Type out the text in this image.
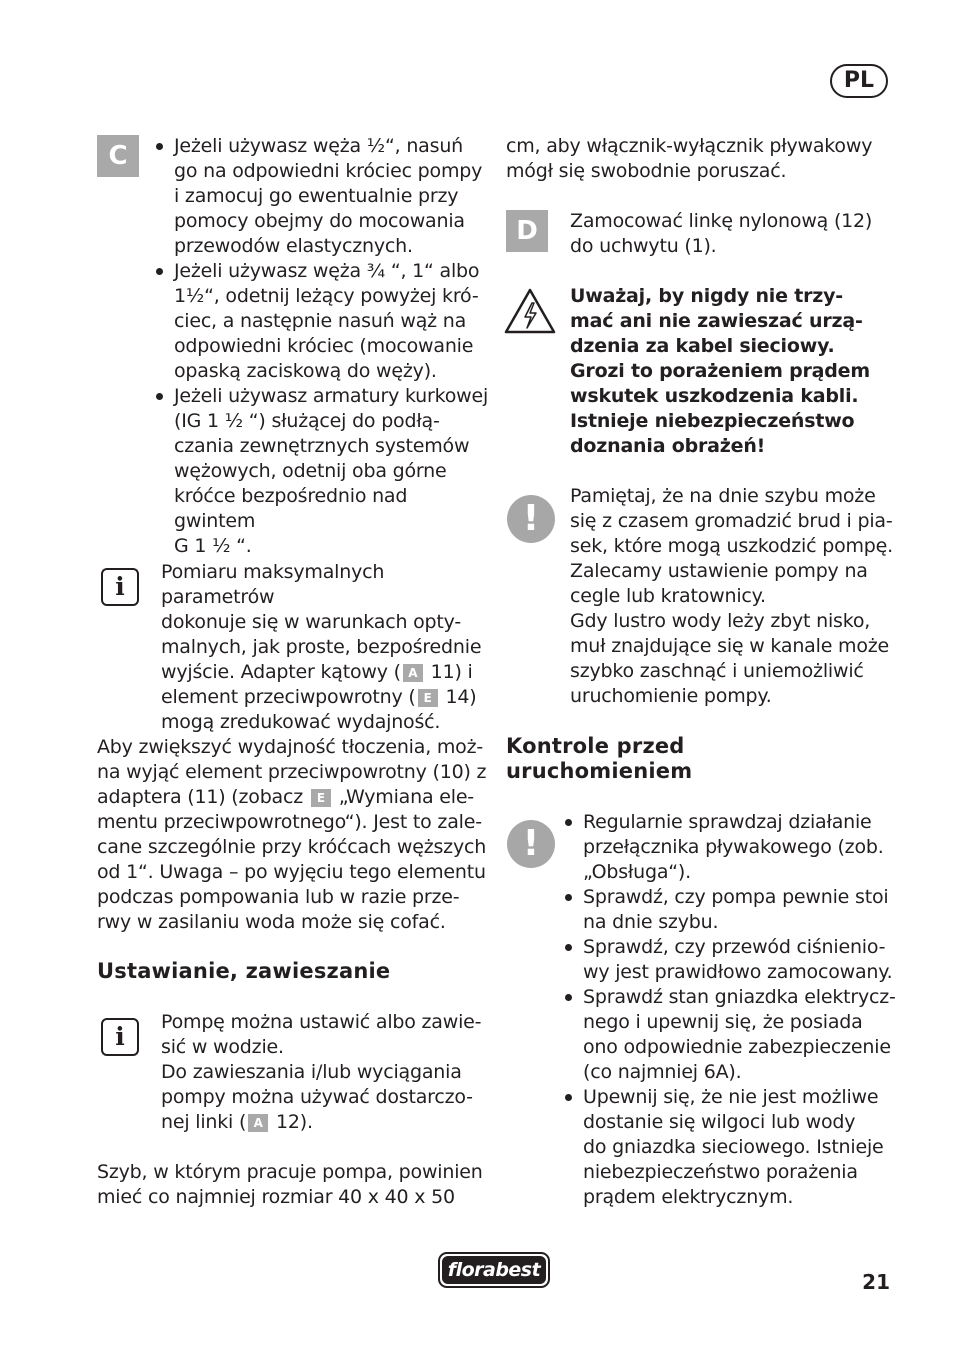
PL
C	Jeżeli używasz węża ½“, nasuń
go na odpowiedni króciec pompy
i zamocuj go ewentualnie przy
pomocy obejmy do mocowania
przewodów elastycznych.
Jeżeli używasz węża ¾ “, 1“ albo
1½“, odetnij leżący powyżej kró-
ciec, a następnie nasuń wąż na
odpowiedni króciec (mocowanie
opaską zaciskową do węży).
Jeżeli używasz armatury kurkowej
(IG 1 ½ “) służącej do podłą-
czania zewnętrznych systemów
wężowych, odetnij oba górne
króćce bezpośrednio nad gwintem
G 1 ½ “.
i	Pomiaru maksymalnych parametrów
dokonuje się w warunkach opty-
malnych, jak proste, bezpośrednie
wyjście. Adapter kątowy ( A 11) i
element przeciwpowrotny ( E 14)
mogą zredukować wydajność.
Aby zwiększyć wydajność tłoczenia, moż-
na wyjąć element przeciwpowrotny (10) z
adaptera (11) (zobacz E „Wymiana ele-
mentu przeciwpowrotnego“). Jest to zale-
cane szczególnie przy króćcach węższych
od 1“. Uwaga – po wyjęciu tego elementu
podczas pompowania lub w razie prze-
rwy w zasilaniu woda może się cofać.
Ustawianie, zawieszanie
i	Pompę można ustawić albo zawie-
sić w wodzie.
Do zawieszania i/lub wyciągania
pompy można używać dostarczo-
nej linki ( A 12).
Szyb, w którym pracuje pompa, powinien
mieć co najmniej rozmiar 40 x 40 x 50
cm, aby włącznik-wyłącznik pływakowy
mógł się swobodnie poruszać.
D	Zamocować linkę nylonową (12)
do uchwytu (1).
Uważaj, by nigdy nie trzy-
mać ani nie zawieszać urzą-
dzenia za kabel sieciowy.
Grozi to porażeniem prądem
wskutek uszkodzenia kabli.
Istnieje niebezpieczeństwo
doznania obrażeń!
!
Pamiętaj, że na dnie szybu może
się z czasem gromadzić brud i pia-
sek, które mogą uszkodzić pompę.
Zalecamy ustawienie pompy na
cegle lub kratownicy.
Gdy lustro wody leży zbyt nisko,
muł znajdujące się w kanale może
szybko zaschnąć i uniemożliwić
uruchomienie pompy.
Kontrole przed
uruchomieniem
!
Regularnie sprawdzaj działanie
przełącznika pływakowego (zob.
„Obsługa“).
Sprawdź, czy pompa pewnie stoi
na dnie szybu.
Sprawdź, czy przewód ciśnienio-
wy jest prawidłowo zamocowany.
Sprawdź stan gniazdka elektrycz-
nego i upewnij się, że posiada
ono odpowiednie zabezpieczenie
(co najmniej 6A).
Upewnij się, że nie jest możliwe
dostanie się wilgoci lub wody
do gniazdka sieciowego. Istnieje
niebezpieczeństwo porażenia
prądem elektrycznym.
florabest	21
